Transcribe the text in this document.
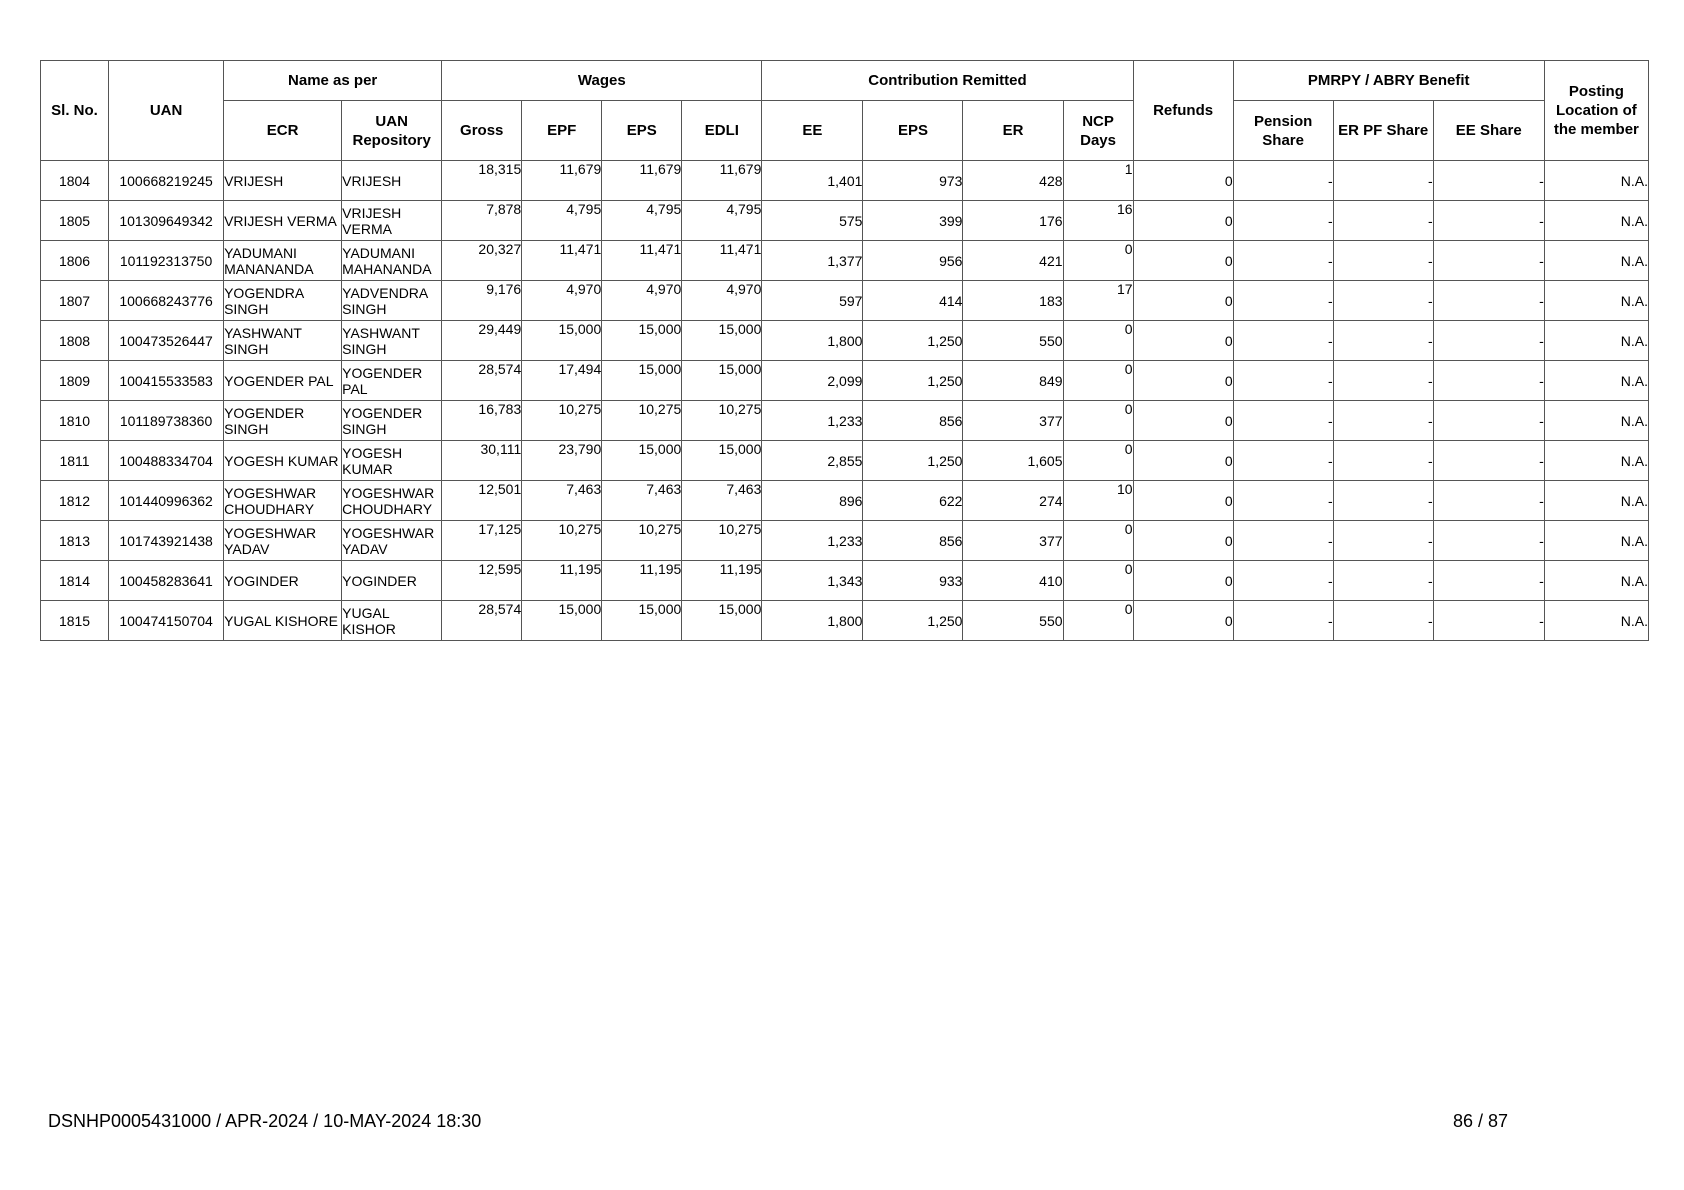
Sl. No.	UAN	Name as per		Wages				Contribution Remitted				Refunds	PMRPY / ABRY Benefit			Posting Location of the member
		ECR	UAN Repository	Gross	EPF	EPS	EDLI	EE	EPS	ER	NCP Days		Pension Share	ER PF Share	EE Share	
1804	100668219245	VRIJESH	VRIJESH	18,315	11,679	11,679	11,679	1,401	973	428	1	0	-	-	-	N.A.
1805	101309649342	VRIJESH VERMA	VRIJESH VERMA	7,878	4,795	4,795	4,795	575	399	176	16	0	-	-	-	N.A.
1806	101192313750	YADUMANI MANANANDA	YADUMANI MAHANANDA	20,327	11,471	11,471	11,471	1,377	956	421	0	0	-	-	-	N.A.
1807	100668243776	YOGENDRA SINGH	YADVENDRA SINGH	9,176	4,970	4,970	4,970	597	414	183	17	0	-	-	-	N.A.
1808	100473526447	YASHWANT SINGH	YASHWANT SINGH	29,449	15,000	15,000	15,000	1,800	1,250	550	0	0	-	-	-	N.A.
1809	100415533583	YOGENDER PAL	YOGENDER PAL	28,574	17,494	15,000	15,000	2,099	1,250	849	0	0	-	-	-	N.A.
1810	101189738360	YOGENDER SINGH	YOGENDER SINGH	16,783	10,275	10,275	10,275	1,233	856	377	0	0	-	-	-	N.A.
1811	100488334704	YOGESH KUMAR	YOGESH KUMAR	30,111	23,790	15,000	15,000	2,855	1,250	1,605	0	0	-	-	-	N.A.
1812	101440996362	YOGESHWAR CHOUDHARY	YOGESHWAR CHOUDHARY	12,501	7,463	7,463	7,463	896	622	274	10	0	-	-	-	N.A.
1813	101743921438	YOGESHWAR YADAV	YOGESHWAR YADAV	17,125	10,275	10,275	10,275	1,233	856	377	0	0	-	-	-	N.A.
1814	100458283641	YOGINDER	YOGINDER	12,595	11,195	11,195	11,195	1,343	933	410	0	0	-	-	-	N.A.
1815	100474150704	YUGAL KISHORE	YUGAL KISHOR	28,574	15,000	15,000	15,000	1,800	1,250	550	0	0	-	-	-	N.A.
DSNHP0005431000 / APR-2024 / 10-MAY-2024 18:30	86 / 87
